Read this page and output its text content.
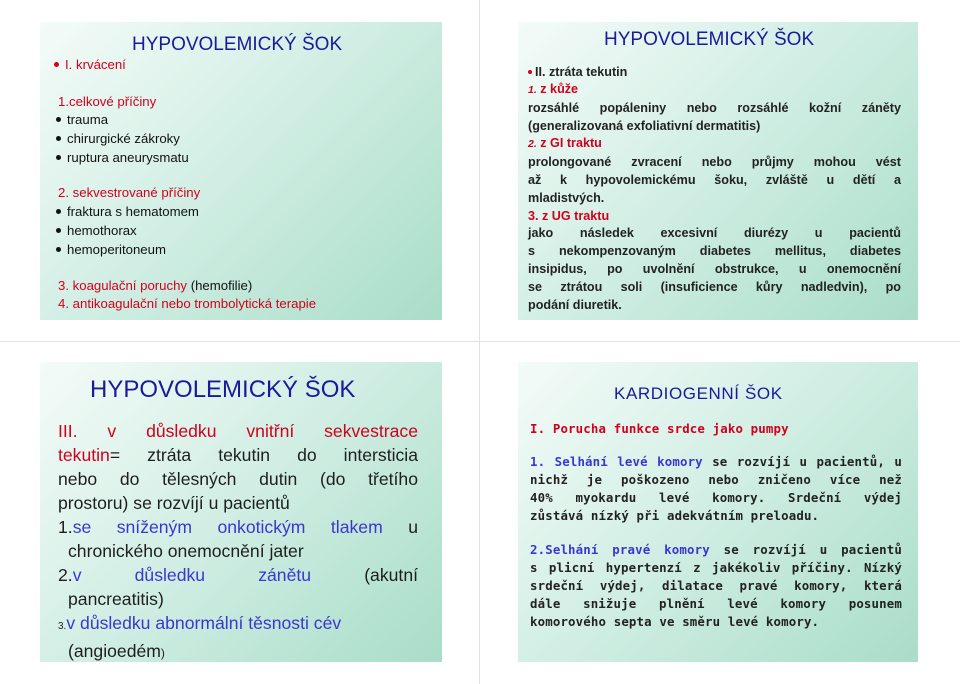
HYPOVOLEMICKÝ ŠOK
I. krvácení
1.celkové příčiny
trauma
chirurgické zákroky
ruptura aneurysmatu
2. sekvestrované příčiny
fraktura s hematomem
hemothorax
hemoperitoneum
3. koagulační poruchy (hemofilie)
4. antikoagulační nebo trombolytická terapie
HYPOVOLEMICKÝ ŠOK
II. ztráta tekutin
1. z kůže
rozsáhlé popáleniny nebo rozsáhlé kožní záněty
(generalizovaná exfoliativní dermatitis)
2. z GI traktu
prolongované zvracení nebo průjmy mohou vést
až k hypovolemickému šoku, zvláště u dětí a
mladistvých.
3. z UG traktu
jako následek excesivní diurézy u pacientů
s nekompenzovaným diabetes mellitus, diabetes
insipidus, po uvolnění obstrukce, u onemocnění
se ztrátou soli (insuficience kůry nadledvin), po
podání diuretik.
HYPOVOLEMICKÝ ŠOK
III. v důsledku vnitřní sekvestrace
tekutin= ztráta tekutin do intersticia
nebo do tělesných dutin (do třetího
prostoru) se rozvíjí u pacientů
1.se sníženým onkotickým tlakem u
chronického onemocnění jater
2.v důsledku zánětu (akutní
pancreatitis)
3.v důsledku abnormální těsnosti cév
(angioedém)
KARDIOGENNÍ ŠOK
I. Porucha funkce srdce jako pumpy
1. Selhání levé komory se rozvíjí u pacientů, u
nichž je poškozeno nebo zničeno více než
40% myokardu levé komory. Srdeční výdej
zůstává nízký při adekvátním preloadu.
2.Selhání pravé komory se rozvíjí u pacientů
s plicní hypertenzí z jakékoliv příčiny. Nízký
srdeční výdej, dilatace pravé komory, která
dále snižuje plnění levé komory posunem
komorového septa ve směru levé komory.
